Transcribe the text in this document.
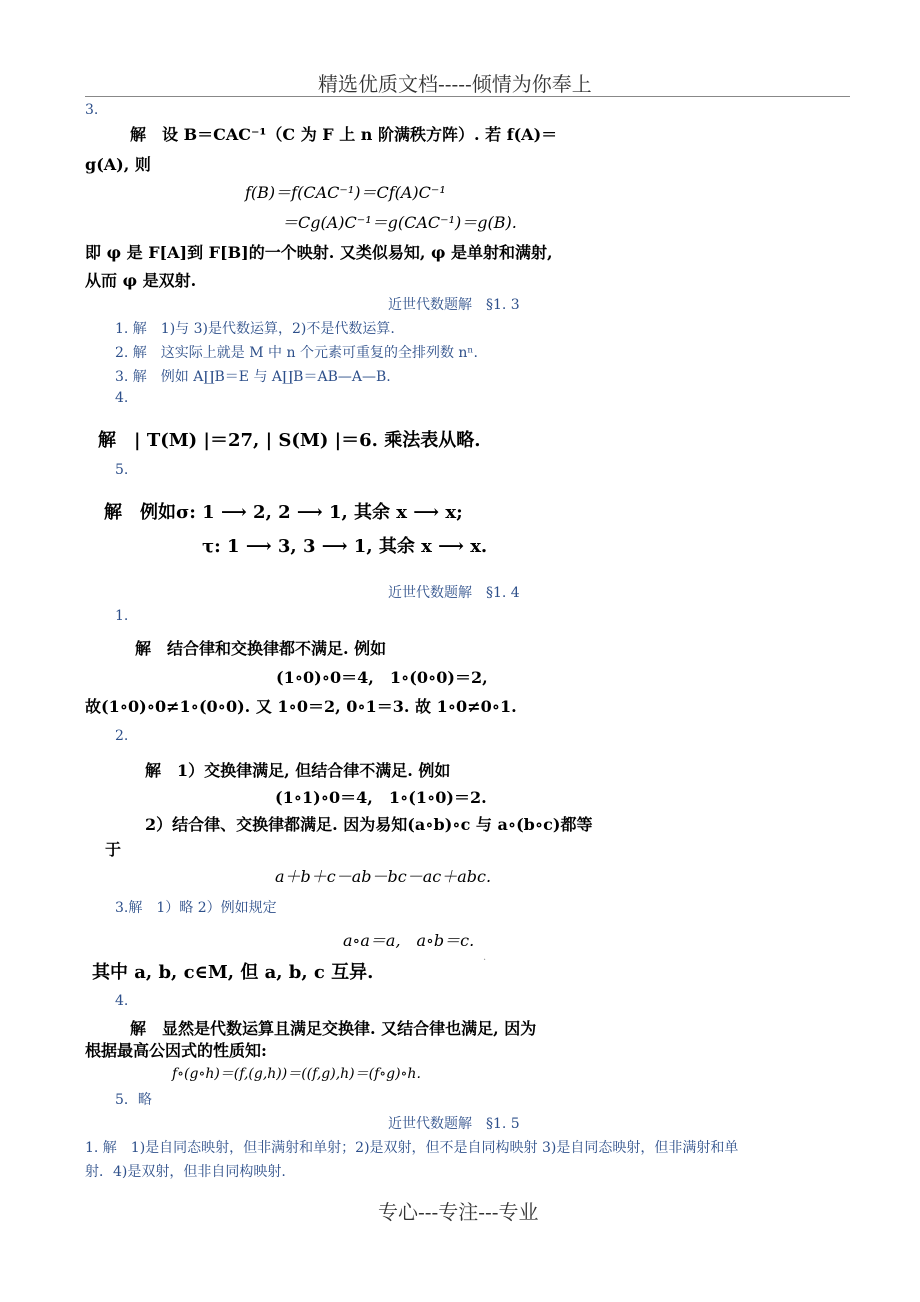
精选优质文档-----倾情为你奉上
3.
解　设 B＝CAC⁻¹（C 为 F 上 n 阶满秩方阵）. 若 f(A)＝
g(A), 则
f(B)＝f(CAC⁻¹)＝Cf(A)C⁻¹
＝Cg(A)C⁻¹＝g(CAC⁻¹)＝g(B).
即 φ 是 F[A]到 F[B]的一个映射. 又类似易知, φ 是单射和满射,
从而 φ 是双射.
近世代数题解　§1. 3
1. 解　1)与 3)是代数运算，2)不是代数运算.
2. 解　这实际上就是 M 中 n 个元素可重复的全排列数 nⁿ.
3. 解　例如 A∐B＝E 与 A∐B＝AB—A—B.
4.
解　| T(M) |＝27, | S(M) |＝6. 乘法表从略.
5.
解　例如σ: 1 ⟶ 2, 2 ⟶ 1, 其余 x ⟶ x;
τ: 1 ⟶ 3, 3 ⟶ 1, 其余 x ⟶ x.
近世代数题解　§1. 4
1.
解　结合律和交换律都不满足. 例如
(1∘0)∘0＝4,　1∘(0∘0)＝2,
故(1∘0)∘0≠1∘(0∘0). 又 1∘0＝2, 0∘1＝3. 故 1∘0≠0∘1.
2.
解　1）交换律满足, 但结合律不满足. 例如
(1∘1)∘0＝4,　1∘(1∘0)＝2.
2）结合律、交换律都满足. 因为易知(a∘b)∘c 与 a∘(b∘c)都等
于
a＋b＋c－ab－bc－ac＋abc.
3.解　1）略 2）例如规定
a∘a＝a,　a∘b＝c.
其中 a, b, c∈M, 但 a, b, c 互异.
·
4.
解　显然是代数运算且满足交换律. 又结合律也满足, 因为
根据最高公因式的性质知:
f∘(g∘h)＝(f,(g,h))＝((f,g),h)＝(f∘g)∘h.
5．略
近世代数题解　§1. 5
1. 解　1)是自同态映射，但非满射和单射；2)是双射，但不是自同构映射 3)是自同态映射，但非满射和单
射．4)是双射，但非自同构映射.
专心---专注---专业
